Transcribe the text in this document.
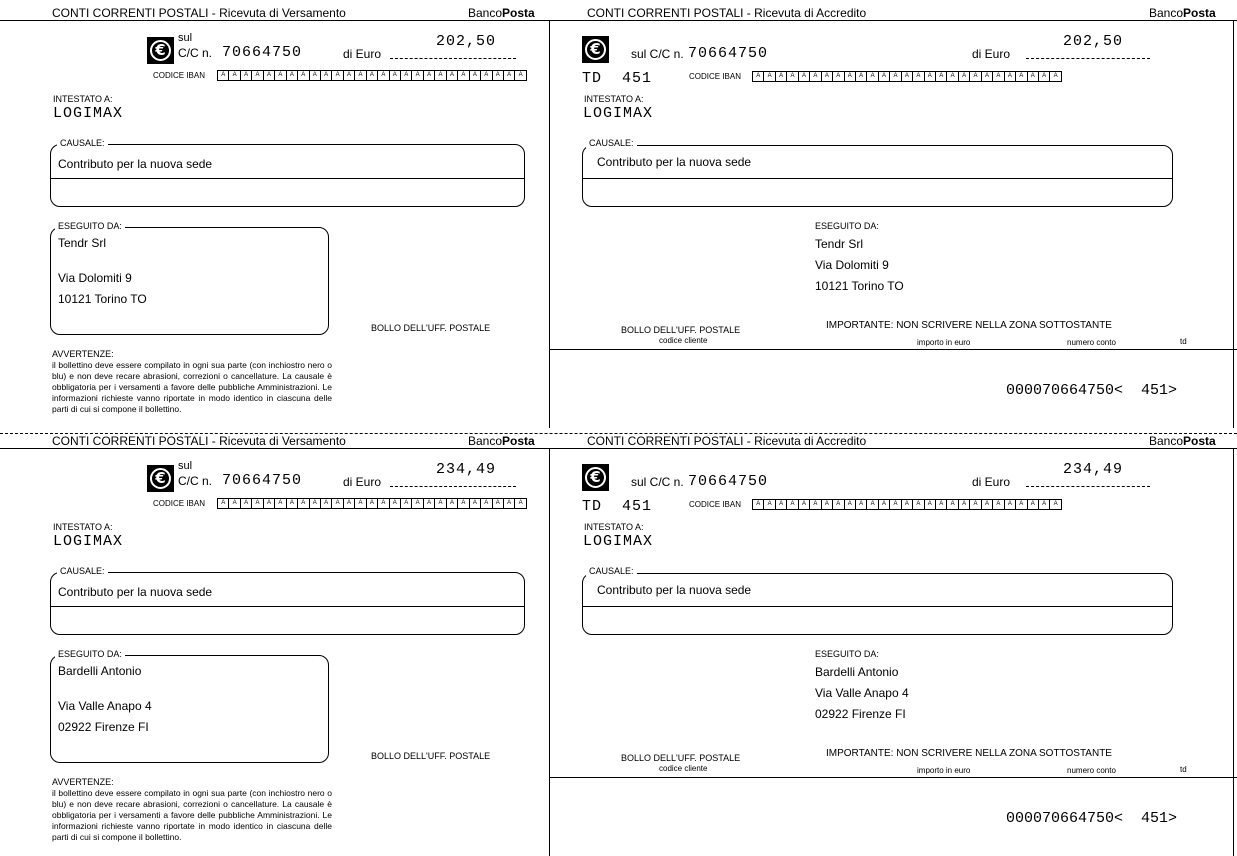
CONTI CORRENTI POSTALI - Ricevuta di Versamento	BancoPosta	CONTI CORRENTI POSTALI - Ricevuta di Accredito	BancoPosta
€
sul
C/C n. 70664750	di Euro
202,50
CODICE IBAN	A	A	A	A	A	A	A	A	A	A	A	A	A	A	A	A	A	A	A	A	A	A	A	A	A	A	A
INTESTATO A:
LOGIMAX
CAUSALE:
Contributo per la nuova sede
ESEGUITO DA:
Tendr Srl
Via Dolomiti 9
10121 Torino TO
BOLLO DELL'UFF. POSTALE
AVVERTENZE:
il bollettino deve essere compilato in ogni sua parte (con inchiostro nero o blu) e non deve recare abrasioni, correzioni o cancellature. La causale è obbligatoria per i versamenti a favore delle pubbliche Amministrazioni. Le informazioni richieste vanno riportate in modo identico in ciascuna delle parti di cui si compone il bollettino.
€	sul C/C n. 70664750	di Euro
202,50
TD 451	CODICE IBAN	A	A	A	A	A	A	A	A	A	A	A	A	A	A	A	A	A	A	A	A	A	A	A	A	A	A	A
INTESTATO A:
LOGIMAX
CAUSALE:
Contributo per la nuova sede
ESEGUITO DA:
Tendr Srl
Via Dolomiti 9
10121 Torino TO
BOLLO DELL'UFF. POSTALE
codice cliente
IMPORTANTE: NON SCRIVERE NELLA ZONA SOTTOSTANTE
importo in euro	numero conto	td
000070664750<  451>
CONTI CORRENTI POSTALI - Ricevuta di Versamento	BancoPosta	CONTI CORRENTI POSTALI - Ricevuta di Accredito	BancoPosta
€
sul
C/C n. 70664750	di Euro
234,49
CODICE IBAN	A	A	A	A	A	A	A	A	A	A	A	A	A	A	A	A	A	A	A	A	A	A	A	A	A	A	A
INTESTATO A:
LOGIMAX
CAUSALE:
Contributo per la nuova sede
ESEGUITO DA:
Bardelli Antonio
Via Valle Anapo 4
02922 Firenze FI
BOLLO DELL'UFF. POSTALE
AVVERTENZE:
il bollettino deve essere compilato in ogni sua parte (con inchiostro nero o blu) e non deve recare abrasioni, correzioni o cancellature. La causale è obbligatoria per i versamenti a favore delle pubbliche Amministrazioni. Le informazioni richieste vanno riportate in modo identico in ciascuna delle parti di cui si compone il bollettino.
€	sul C/C n. 70664750	di Euro
234,49
TD 451	CODICE IBAN	A	A	A	A	A	A	A	A	A	A	A	A	A	A	A	A	A	A	A	A	A	A	A	A	A	A	A
INTESTATO A:
LOGIMAX
CAUSALE:
Contributo per la nuova sede
ESEGUITO DA:
Bardelli Antonio
Via Valle Anapo 4
02922 Firenze FI
BOLLO DELL'UFF. POSTALE
codice cliente
IMPORTANTE: NON SCRIVERE NELLA ZONA SOTTOSTANTE
importo in euro	numero conto	td
000070664750<  451>
